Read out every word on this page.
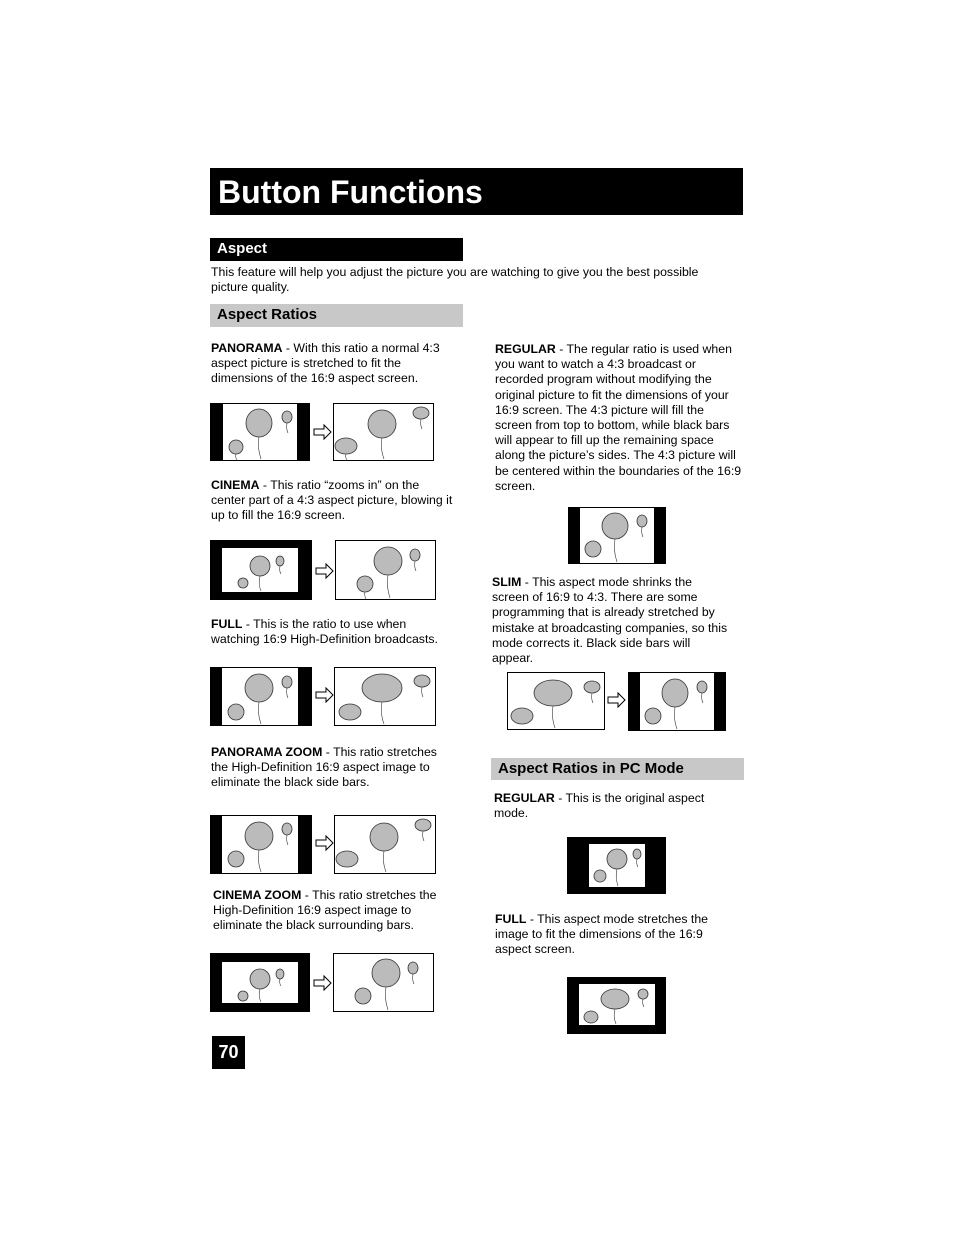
Button Functions
Aspect

This feature will help you adjust the picture you are watching to give you the best possible picture quality.

Aspect Ratios

PANORAMA - With this ratio a normal 4:3 aspect picture is stretched to fit the dimensions of the 16:9 aspect screen.

CINEMA - This ratio “zooms in” on the center part of a 4:3 aspect picture, blowing it up to fill the 16:9 screen.

FULL - This is the ratio to use when watching 16:9 High-Definition broadcasts.

PANORAMA ZOOM - This ratio stretches the High-Definition 16:9 aspect image to eliminate the black side bars.

CINEMA ZOOM - This ratio stretches the High-Definition 16:9 aspect image to eliminate the black surrounding bars.

REGULAR - The regular ratio is used when you want to watch a 4:3 broadcast or recorded program without modifying the original picture to fit the dimensions of your 16:9 screen. The 4:3 picture will fill the screen from top to bottom, while black bars will appear to fill up the remaining space along the picture’s sides. The 4:3 picture will be centered within the boundaries of the 16:9 screen.

SLIM - This aspect mode shrinks the screen of 16:9 to 4:3. There are some programming that is already stretched by mistake at broadcasting companies, so this mode corrects it. Black side bars will appear.

Aspect Ratios in PC Mode

REGULAR - This is the original aspect mode.

FULL - This aspect mode stretches the image to fit the dimensions of the 16:9 aspect screen.

70
